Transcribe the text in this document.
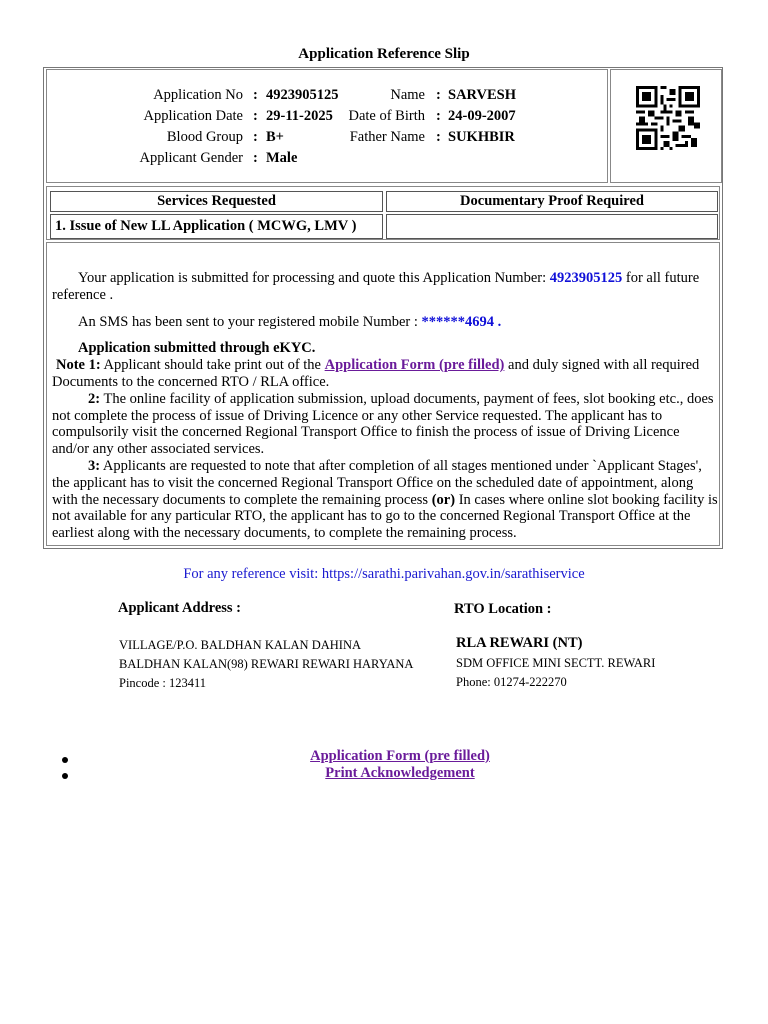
Application Reference Slip
Application No : 4923905125
Application Date : 29-11-2025
Blood Group : B+
Applicant Gender : Male
Name : SARVESH
Date of Birth : 24-09-2007
Father Name : SUKHBIR
Services Requested	Documentary Proof Required
1. Issue of New LL Application ( MCWG, LMV )

Your application is submitted for processing and quote this Application Number: 4923905125 for all future reference .

An SMS has been sent to your registered mobile Number : ******4694 .

Application submitted through eKYC.

Note 1: Applicant should take print out of the Application Form (pre filled) and duly signed with all required Documents to the concerned RTO / RLA office.

2: The online facility of application submission, upload documents, payment of fees, slot booking etc., does not complete the process of issue of Driving Licence or any other Service requested. The applicant has to compulsorily visit the concerned Regional Transport Office to finish the process of issue of Driving Licence and/or any other associated services.

3: Applicants are requested to note that after completion of all stages mentioned under `Applicant Stages', the applicant has to visit the concerned Regional Transport Office on the scheduled date of appointment, along with the necessary documents to complete the remaining process (or) In cases where online slot booking facility is not available for any particular RTO, the applicant has to go to the concerned Regional Transport Office at the earliest along with the necessary documents, to complete the remaining process.

For any reference visit: https://sarathi.parivahan.gov.in/sarathiservice
Applicant Address :
VILLAGE/P.O. BALDHAN KALAN DAHINA
BALDHAN KALAN(98) REWARI REWARI HARYANA
Pincode : 123411
RTO Location :
RLA REWARI (NT)
SDM OFFICE MINI SECTT. REWARI
Phone: 01274-222270
Application Form (pre filled)
Print Acknowledgement
